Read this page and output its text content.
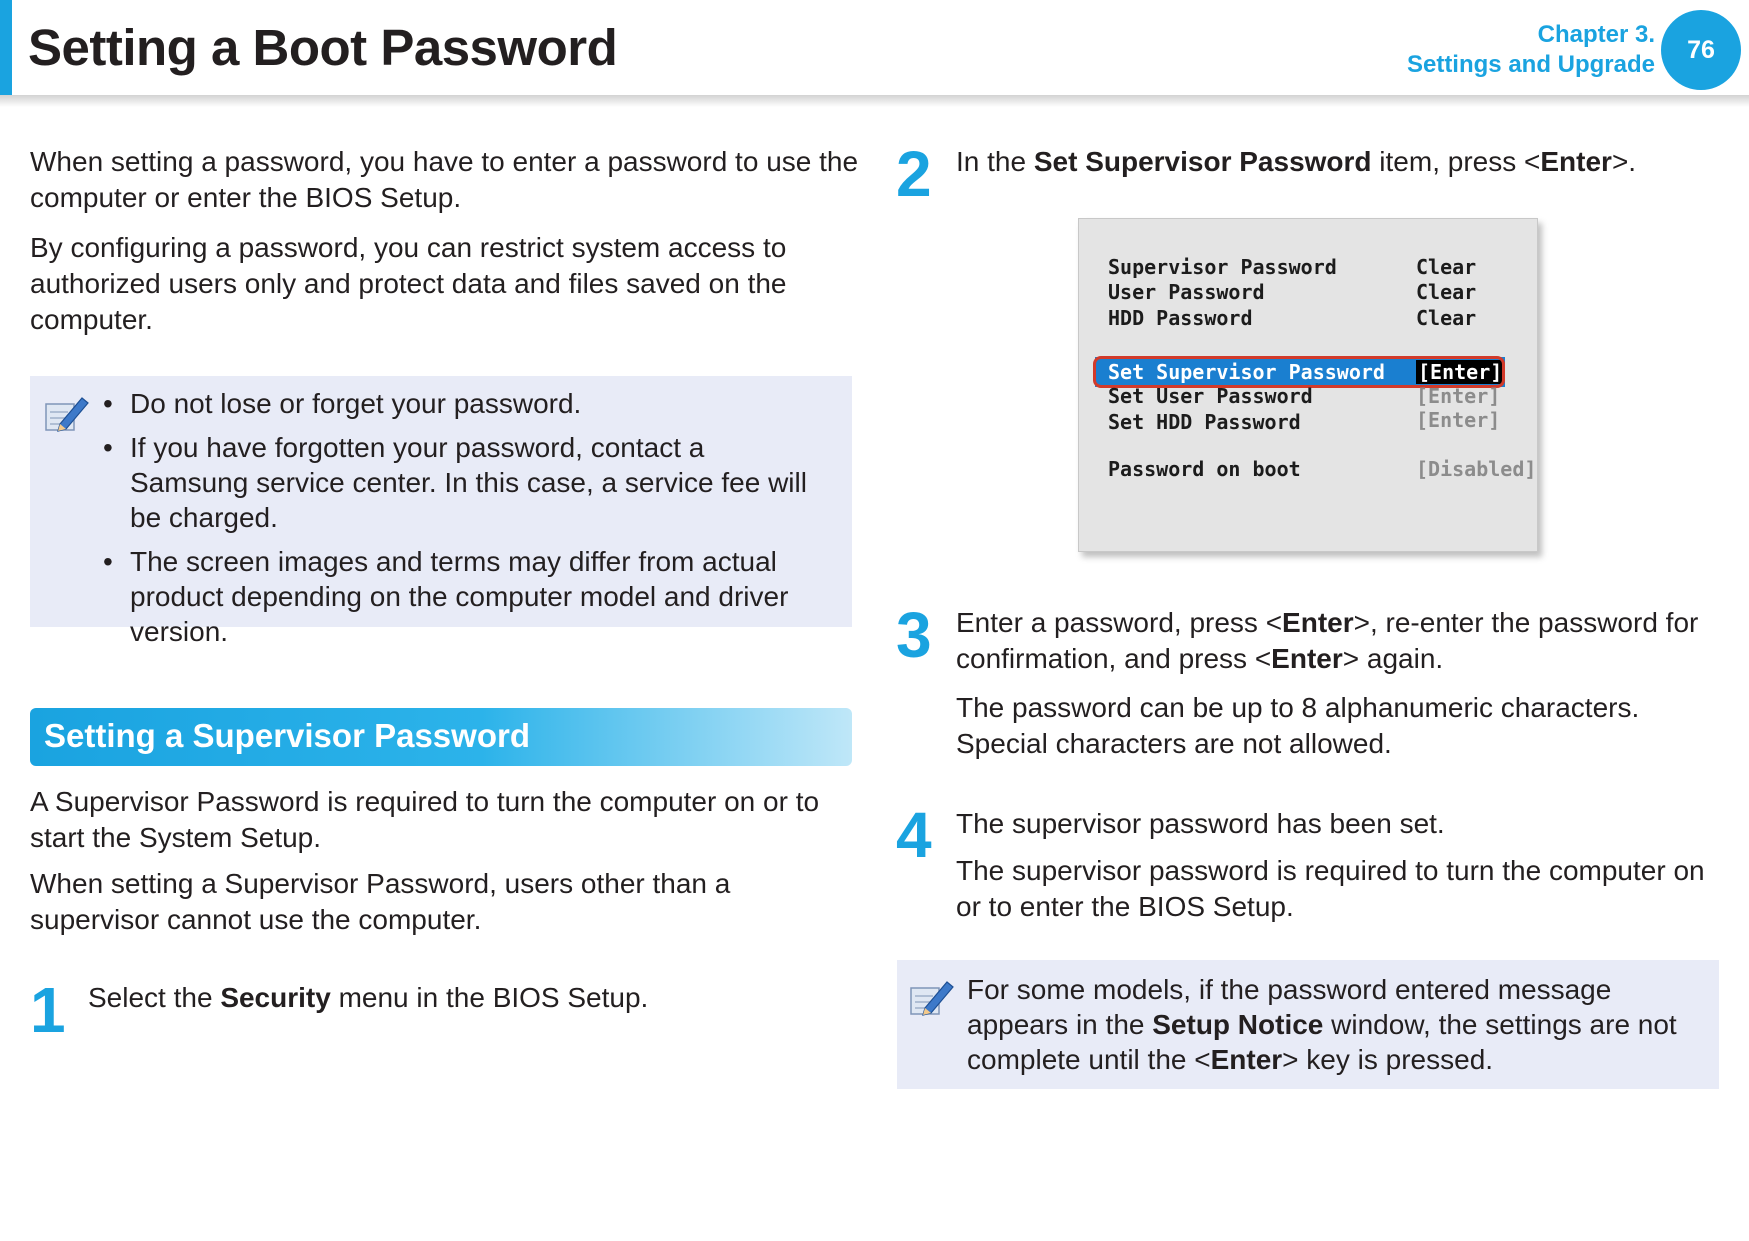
Setting a Boot Password	Chapter 3.
Settings and Upgrade
76

When setting a password, you have to enter a password to use the computer or enter the BIOS Setup.

By configuring a password, you can restrict system access to authorized users only and protect data and files saved on the computer.

• Do not lose or forget your password.
• If you have forgotten your password, contact a Samsung service center. In this case, a service fee will be charged.
• The screen images and terms may differ from actual product depending on the computer model and driver version.
Setting a Supervisor Password

A Supervisor Password is required to turn the computer on or to start the System Setup.

When setting a Supervisor Password, users other than a supervisor cannot use the computer.

1 Select the Security menu in the BIOS Setup.

2 In the Set Supervisor Password item, press <Enter>.

Supervisor Password	Clear
User Password	Clear
HDD Password	Clear
Set Supervisor Password [Enter]
Set User Password	[Enter]
Set HDD Password	[Enter]
Password on boot	[Disabled]
3 Enter a password, press <Enter>, re-enter the password for confirmation, and press <Enter> again.

The password can be up to 8 alphanumeric characters. Special characters are not allowed.

4 The supervisor password has been set.

The supervisor password is required to turn the computer on or to enter the BIOS Setup.

For some models, if the password entered message appears in the Setup Notice window, the settings are not complete until the <Enter> key is pressed.
